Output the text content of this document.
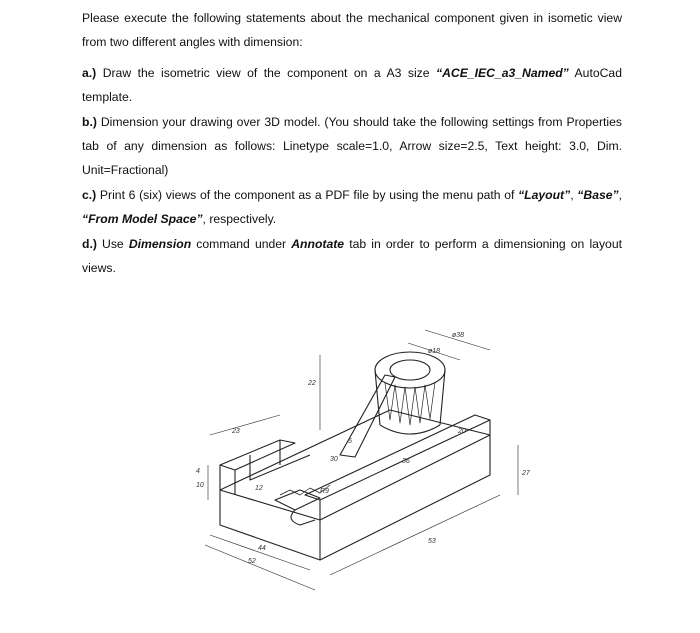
Please execute the following statements about the mechanical component given in isometic view from two different angles with dimension:

a.) Draw the isometric view of the component on a A3 size “ACE_IEC_a3_Named” AutoCad template.

b.) Dimension your drawing over 3D model. (You should take the following settings from Properties tab of any dimension as follows: Linetype scale=1.0, Arrow size=2.5, Text height: 3.0, Dim. Unit=Fractional)

c.) Print 6 (six) views of the component as a PDF file by using the menu path of “Layout”, “Base”, “From Model Space”, respectively.

d.) Use Dimension command under Annotate tab in order to perform a dimensioning on layout views.

ø38
ø18
22
23
10
4
12	R9
5
30	36
20
27
53
44
52
